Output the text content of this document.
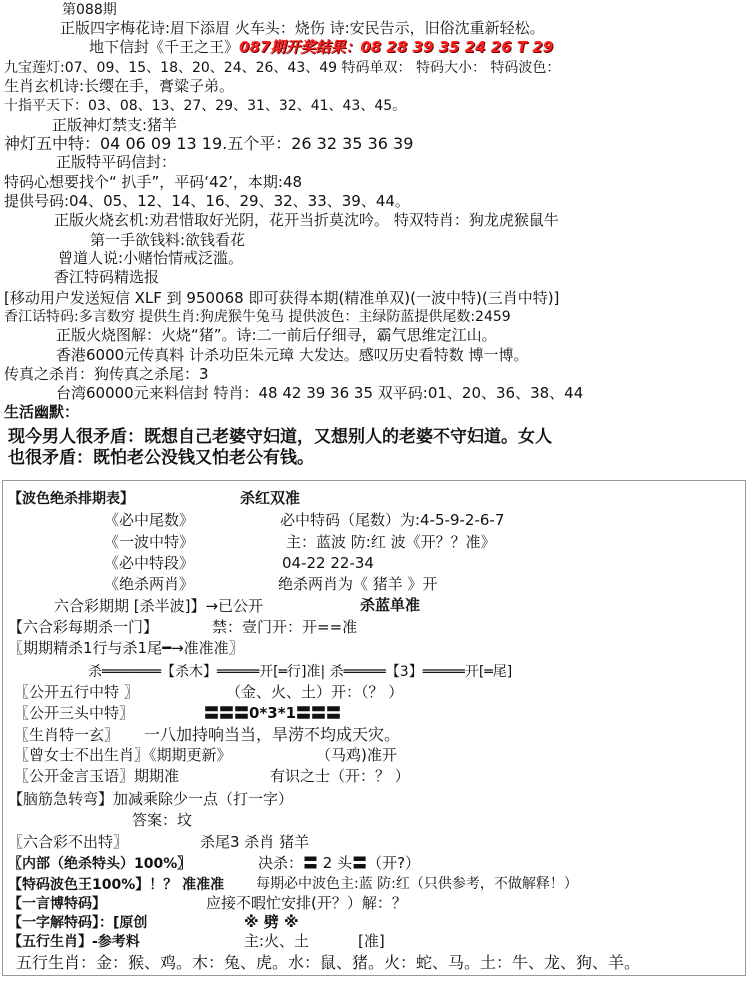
第088期
正版四字梅花诗:眉下添眉 火车头：烧伤 诗:安民告示，旧俗沈重新轻松。
地下信封《千王之王》087期开奖结果：08 28 39 35 24 26 T 29
九宝莲灯:07、09、15、18、20、24、26、43、49 特码单双： 特码大小： 特码波色：
生肖玄机诗:长缨在手，膏粱子弟。
十指平天下：03、08、13、27、29、31、32、41、43、45。
正版神灯禁支:猪羊
神灯五中特：04 06 09 13 19.五个平：26 32 35 36 39
正版特平码信封：
特码心想要找个“ 扒手”，平码‘42’，本期:48
提供号码:04、05、12、14、16、29、32、33、39、44。
正版火烧玄机:劝君惜取好光阴，花开当折莫沈吟。 特双特肖：狗龙虎猴鼠牛
第一手欲钱料:欲钱看花
曾道人说:小赌怡情戒泛滥。
香江特码精选报
[移动用户发送短信 XLF 到 950068 即可获得本期(精准单双)(一波中特)(三肖中特)]
香江话特码:多言数穷 提供生肖:狗虎猴牛兔马 提供波色：主绿防蓝提供尾数:2459
正版火烧图解：火烧“猪”。诗:二一前后仔细寻，霸气思维定江山。
香港6000元传真料 计杀功臣朱元璋 大发达。感叹历史看特数 博一博。
传真之杀肖：狗传真之杀尾：3
台湾60000元来料信封 特肖：48 42 39 36 35 双平码:01、20、36、38、44
生活幽默：
现今男人很矛盾：既想自己老婆守妇道，又想别人的老婆不守妇道。女人
也很矛盾：既怕老公没钱又怕老公有钱。
【波色绝杀排期表】	杀红双准
《必中尾数》	必中特码（尾数）为:4-5-9-2-6-7
《一波中特》	主：蓝波 防:红 波《开？？准》
《必中特段》	04-22 22-34
《绝杀两肖》	绝杀两肖为《 猪羊 》开
六合彩期期 [杀半波]】→已公开	杀蓝单准
【六合彩每期杀一门】	禁：壹门开：开==准
〖期期精杀1行与杀1尾━→准准准〗
杀═══════【杀木】═════开[═行]准| 杀═════【3】═════开[═尾]
〖公开五行中特 〗	（金、火、土）开：（？ ）
〖公开三头中特〗	〓〓〓0*3*1〓〓〓
〖生肖特一玄〗 一八加持响当当，旱涝不均成天灾。
〖曾女士不出生肖〗《期期更新》	（马鸡)准开
〖公开金言玉语〗期期准	有识之士（开：？ ）
【脑筋急转弯】加减乘除少一点（打一字）
答案：坟
〖六合彩不出特〗	杀尾3 杀肖 猪羊
〖内部（绝杀特头）100%〗	决杀：〓 2 头〓（开?）
【特码波色王100%】！？ 准准准 每期必中波色主:蓝 防:红（只供参考，不做解释！）
【一言博特码】	应接不暇忙安排(开？）解：？
【一字解特码】：[原创	※ 劈 ※
【五行生肖】-参考料	主:火、土	[准]
五行生肖：金：猴、鸡。木：兔、虎。水：鼠、猪。火：蛇、马。土：牛、龙、狗、羊。
